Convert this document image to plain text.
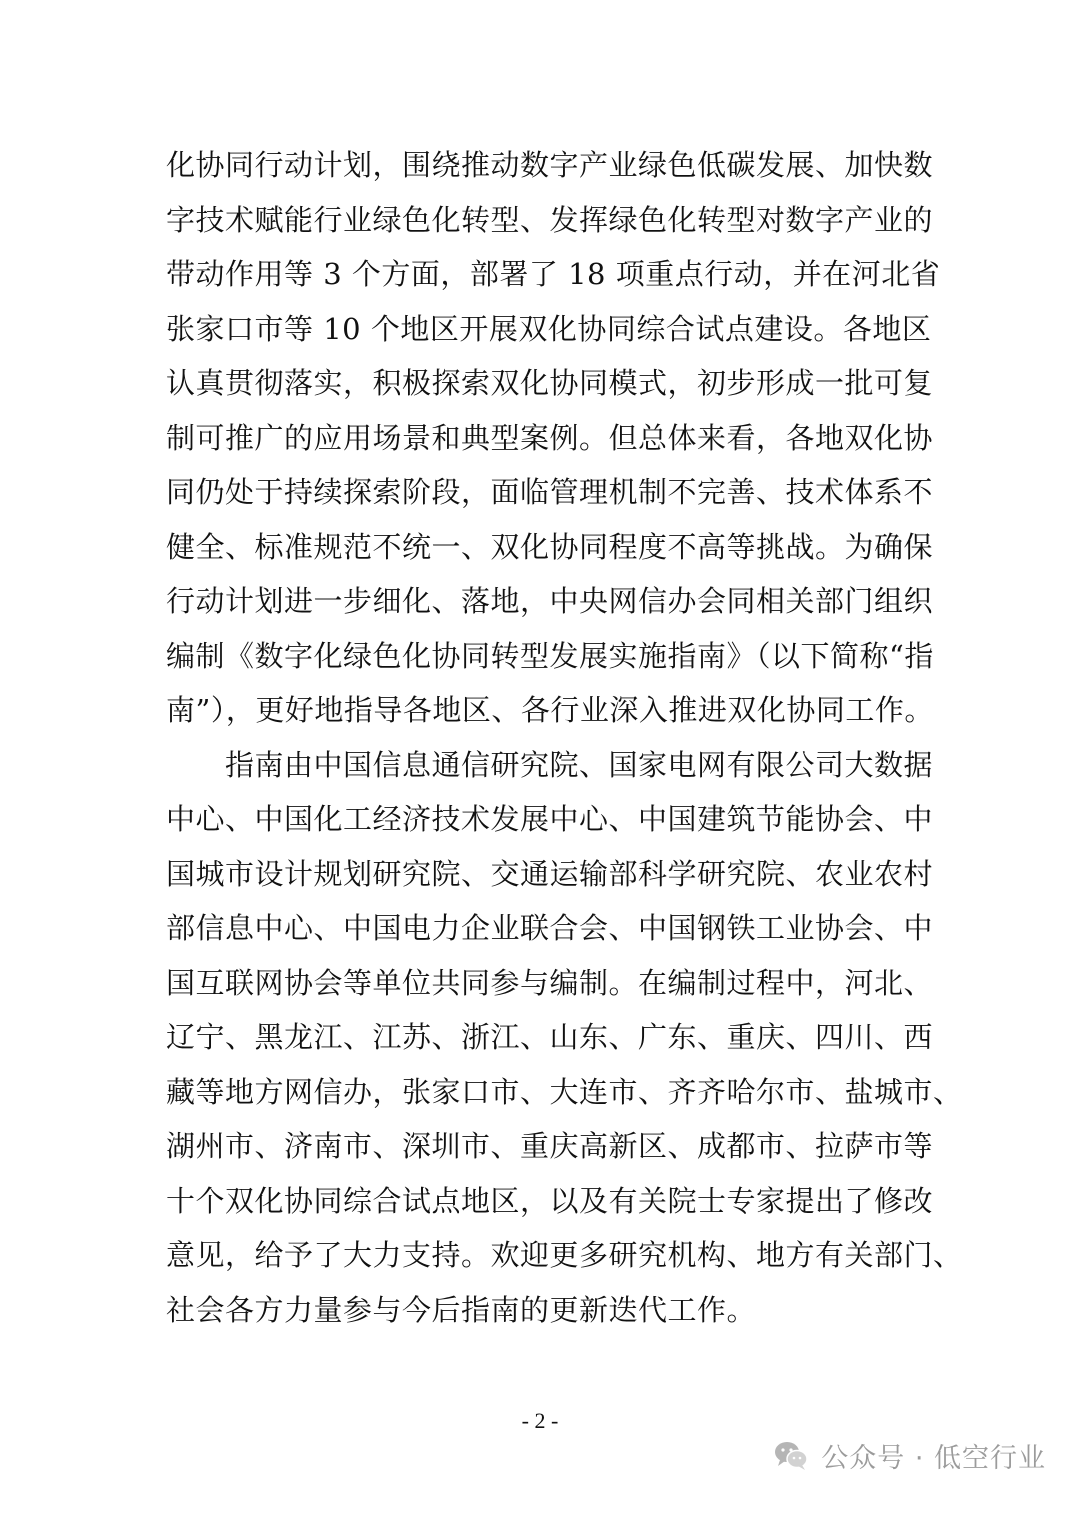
化协同行动计划，围绕推动数字产业绿色低碳发展、加快数
字技术赋能行业绿色化转型、发挥绿色化转型对数字产业的
带动作用等 3 个方面，部署了 18 项重点行动，并在河北省
张家口市等 10 个地区开展双化协同综合试点建设。各地区
认真贯彻落实，积极探索双化协同模式，初步形成一批可复
制可推广的应用场景和典型案例。但总体来看，各地双化协
同仍处于持续探索阶段，面临管理机制不完善、技术体系不
健全、标准规范不统一、双化协同程度不高等挑战。为确保
行动计划进一步细化、落地，中央网信办会同相关部门组织
编制《数字化绿色化协同转型发展实施指南》（以下简称“指
南”），更好地指导各地区、各行业深入推进双化协同工作。
　　指南由中国信息通信研究院、国家电网有限公司大数据
中心、中国化工经济技术发展中心、中国建筑节能协会、中
国城市设计规划研究院、交通运输部科学研究院、农业农村
部信息中心、中国电力企业联合会、中国钢铁工业协会、中
国互联网协会等单位共同参与编制。在编制过程中，河北、
辽宁、黑龙江、江苏、浙江、山东、广东、重庆、四川、西
藏等地方网信办，张家口市、大连市、齐齐哈尔市、盐城市、
湖州市、济南市、深圳市、重庆高新区、成都市、拉萨市等
十个双化协同综合试点地区，以及有关院士专家提出了修改
意见，给予了大力支持。欢迎更多研究机构、地方有关部门、
社会各方力量参与今后指南的更新迭代工作。
- 2 -
公众号 · 低空行业
